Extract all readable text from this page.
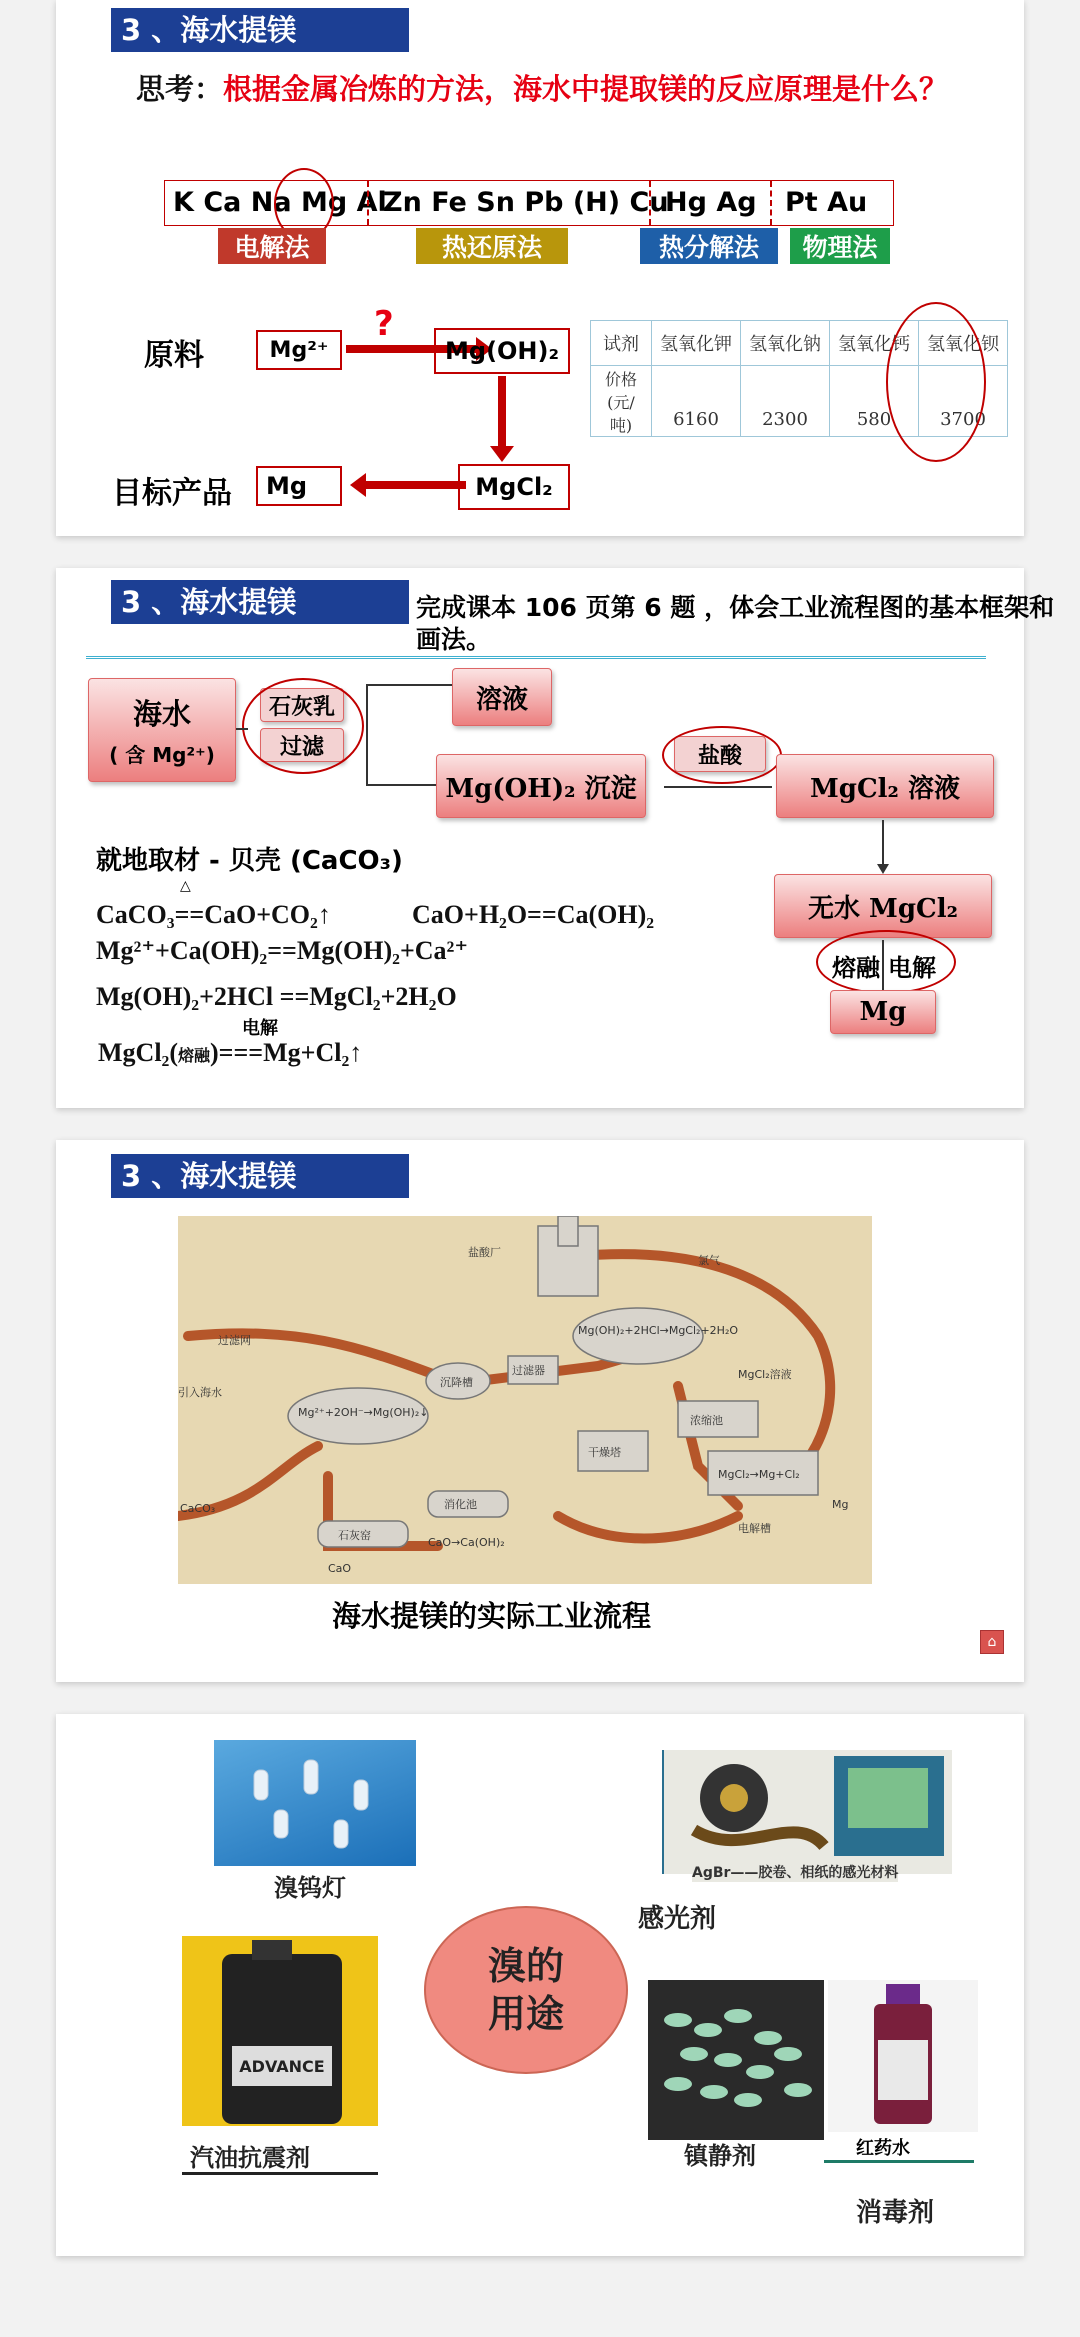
3 、海水提镁
思考：根据金属冶炼的方法，海水中提取镁的反应原理是什么？
K Ca Na Mg Al
Zn Fe Sn Pb (H) Cu
Hg Ag Pt Au
电解法	热还原法	热分解法	物理法
原料	Mg²⁺
?
Mg(OH)₂
目标产品	Mg	MgCl₂
试剂	氢氧化钾	氢氧化钠	氢氧化钙	氢氧化钡
价格(元/吨)	6160	2300	580	3700
3 、海水提镁	完成课本 106 页第 6 题 ，体会工业流程图的基本框架和画法。
海水
( 含 Mg²⁺)
石灰乳
过滤
溶液
Mg(OH)₂ 沉淀
盐酸
MgCl₂ 溶液
无水 MgCl₂
熔融 电解
Mg
就地取材 - 贝壳 (CaCO₃)
△
CaCO₃==CaO+CO₂↑	CaO+H₂O==Ca(OH)₂
Mg²⁺+Ca(OH)₂==Mg(OH)₂+Ca²⁺
Mg(OH)₂+2HCl ==MgCl₂+2H₂O
电解
MgCl₂(熔融)===Mg+Cl₂↑
3 、海水提镁
盐酸厂
氯气
过滤网
引入海水
Mg²⁺+2OH⁻→Mg(OH)₂↓
Mg(OH)₂+2HCl→MgCl₂+2H₂O
沉降槽
过滤器	MgCl₂溶液
浓缩池
干燥塔
MgCl₂→Mg+Cl₂
电解槽
Mg
石灰窑
消化池
CaCO₃
CaO
CaO→Ca(OH)₂
海水提镁的实际工业流程
⌂
溴钨灯
AgBr——胶卷、相纸的感光材料
感光剂
溴的用途
ADVANCE
汽油抗震剂	镇静剂	红药水
消毒剂
